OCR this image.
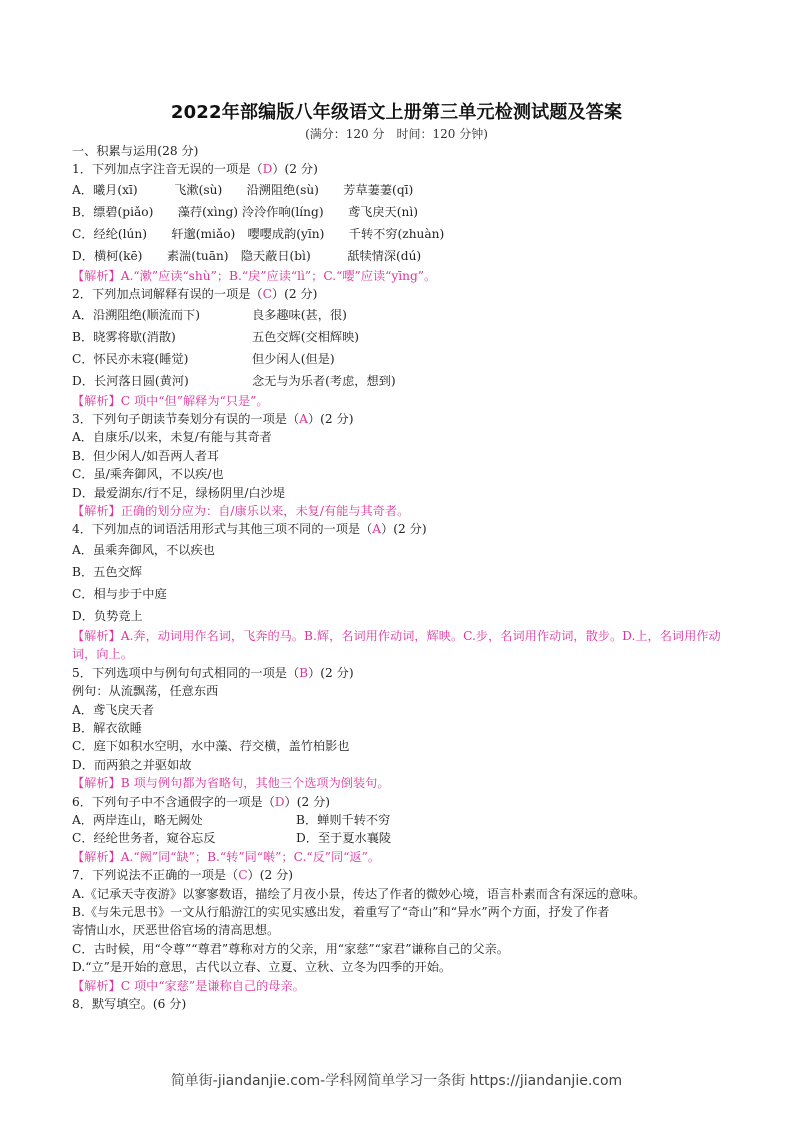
2022年部编版八年级语文上册第三单元检测试题及答案
(满分：120 分　时间：120 分钟)
一、积累与运用(28 分)
1．下列加点字注音无误的一项是（D）(2 分)
A．曦月(xī)　　　飞漱(sù)　　沿溯阻绝(sù)　　芳草萋萋(qī)
B．缥碧(piǎo)　　藻荇(xìng) 泠泠作响(líng)　　鸢飞戾天(nì)
C．经纶(lún)　　轩邈(miǎo)　嘤嘤成韵(yīn)　　千转不穷(zhuàn)
D．横柯(kē)　　素湍(tuān)　隐天蔽日(bì)　　　舐犊情深(dú)
【解析】A.“漱”应读“shù”；B.“戾”应读“lì”；C.“嘤”应读“yīng”。
2．下列加点词解释有误的一项是（C）(2 分)
A．沿溯阻绝(顺流而下)	良多趣味(甚，很)
B．晓雾将歇(消散)	五色交辉(交相辉映)
C．怀民亦未寝(睡觉)	但少闲人(但是)
D．长河落日圆(黄河)	念无与为乐者(考虑，想到)
【解析】C 项中“但”解释为“只是”。
3．下列句子朗读节奏划分有误的一项是（A）(2 分)
A．自康乐/以来，未复/有能与其奇者
B．但少闲人/如吾两人者耳
C．虽/乘奔御风，不以疾/也
D．最爱湖东/行不足，绿杨阴里/白沙堤
【解析】正确的划分应为：自/康乐以来，未复/有能与其奇者。
4．下列加点的词语活用形式与其他三项不同的一项是（A）(2 分)
A．虽乘奔御风，不以疾也
B．五色交辉
C．相与步于中庭
D．负势竞上
【解析】A.奔，动词用作名词，飞奔的马。B.辉，名词用作动词，辉映。C.步，名词用作动词，散步。D.上，名词用作动词，向上。
5．下列选项中与例句句式相同的一项是（B）(2 分)
例句：从流飘荡，任意东西
A．鸢飞戾天者
B．解衣欲睡
C．庭下如积水空明，水中藻、荇交横，盖竹柏影也
D．而两狼之并驱如故
【解析】B 项与例句都为省略句，其他三个选项为倒装句。
6．下列句子中不含通假字的一项是（D）(2 分)
A．两岸连山，略无阙处	B．蝉则千转不穷
C．经纶世务者，窥谷忘反	D．至于夏水襄陵
【解析】A.“阙”同“缺”；B.“转”同“啭”；C.“反”同“返”。
7．下列说法不正确的一项是（C）(2 分)
A.《记承天寺夜游》以寥寥数语，描绘了月夜小景，传达了作者的微妙心境，语言朴素而含有深远的意味。
B.《与朱元思书》一文从行船游江的实见实感出发，着重写了“奇山”和“异水”两个方面，抒发了作者
寄情山水，厌恶世俗官场的清高思想。
C．古时候，用“令尊”“尊君”尊称对方的父亲，用“家慈”“家君”谦称自己的父亲。
D.“立”是开始的意思，古代以立春、立夏、立秋、立冬为四季的开始。
【解析】C 项中“家慈”是谦称自己的母亲。
8．默写填空。(6 分)
简单街-jiandanjie.com-学科网简单学习一条街 https://jiandanjie.com
